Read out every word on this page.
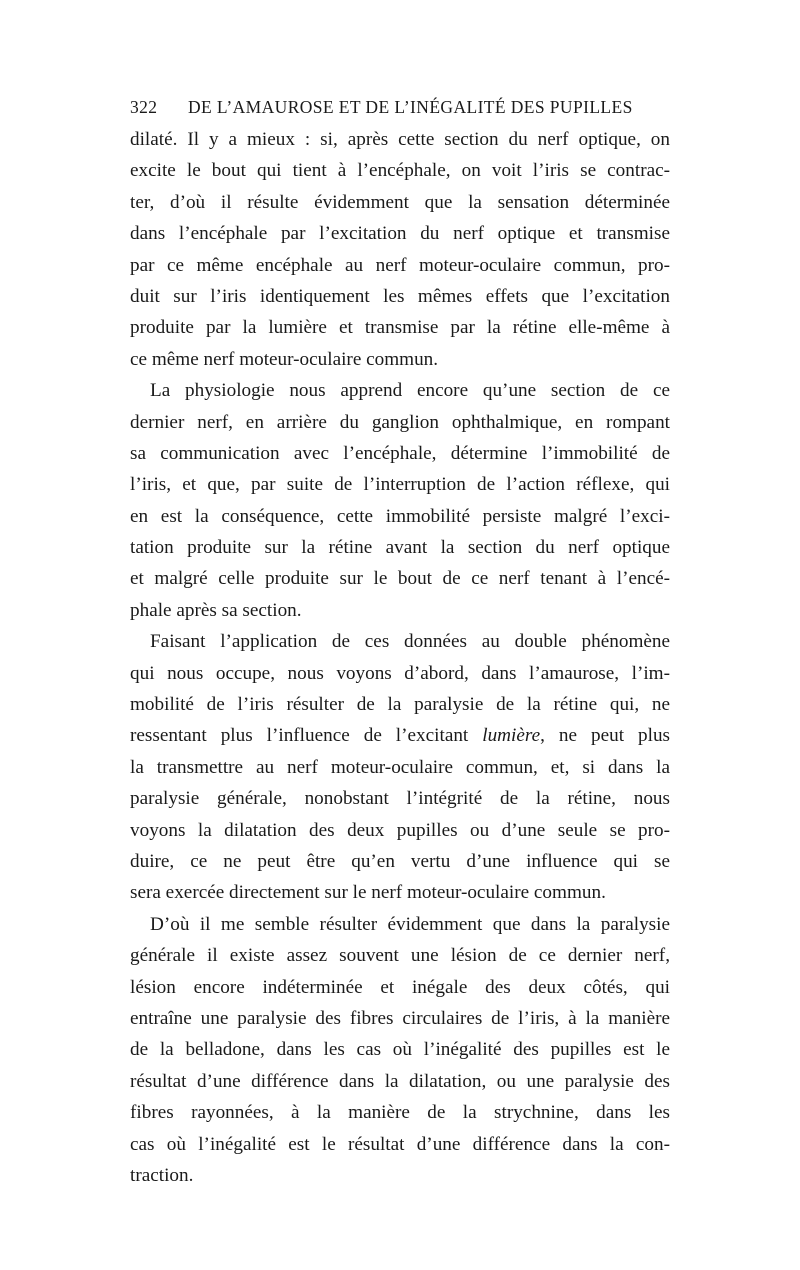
322 DE L’AMAUROSE ET DE L’INÉGALITÉ DES PUPILLES
dilaté. Il y a mieux : si, après cette section du nerf optique, on
excite le bout qui tient à l’encéphale, on voit l’iris se contrac-
ter, d’où il résulte évidemment que la sensation déterminée
dans l’encéphale par l’excitation du nerf optique et transmise
par ce même encéphale au nerf moteur-oculaire commun, pro-
duit sur l’iris identiquement les mêmes effets que l’excitation
produite par la lumière et transmise par la rétine elle-même à
ce même nerf moteur-oculaire commun.
La physiologie nous apprend encore qu’une section de ce
dernier nerf, en arrière du ganglion ophthalmique, en rompant
sa communication avec l’encéphale, détermine l’immobilité de
l’iris, et que, par suite de l’interruption de l’action réflexe, qui
en est la conséquence, cette immobilité persiste malgré l’exci-
tation produite sur la rétine avant la section du nerf optique
et malgré celle produite sur le bout de ce nerf tenant à l’encé-
phale après sa section.
Faisant l’application de ces données au double phénomène
qui nous occupe, nous voyons d’abord, dans l’amaurose, l’im-
mobilité de l’iris résulter de la paralysie de la rétine qui, ne
ressentant plus l’influence de l’excitant lumière, ne peut plus
la transmettre au nerf moteur-oculaire commun, et, si dans la
paralysie générale, nonobstant l’intégrité de la rétine, nous
voyons la dilatation des deux pupilles ou d’une seule se pro-
duire, ce ne peut être qu’en vertu d’une influence qui se
sera exercée directement sur le nerf moteur-oculaire commun.
D’où il me semble résulter évidemment que dans la paralysie
générale il existe assez souvent une lésion de ce dernier nerf,
lésion encore indéterminée et inégale des deux côtés, qui
entraîne une paralysie des fibres circulaires de l’iris, à la manière
de la belladone, dans les cas où l’inégalité des pupilles est le
résultat d’une différence dans la dilatation, ou une paralysie des
fibres rayonnées, à la manière de la strychnine, dans les
cas où l’inégalité est le résultat d’une différence dans la con-
traction.
